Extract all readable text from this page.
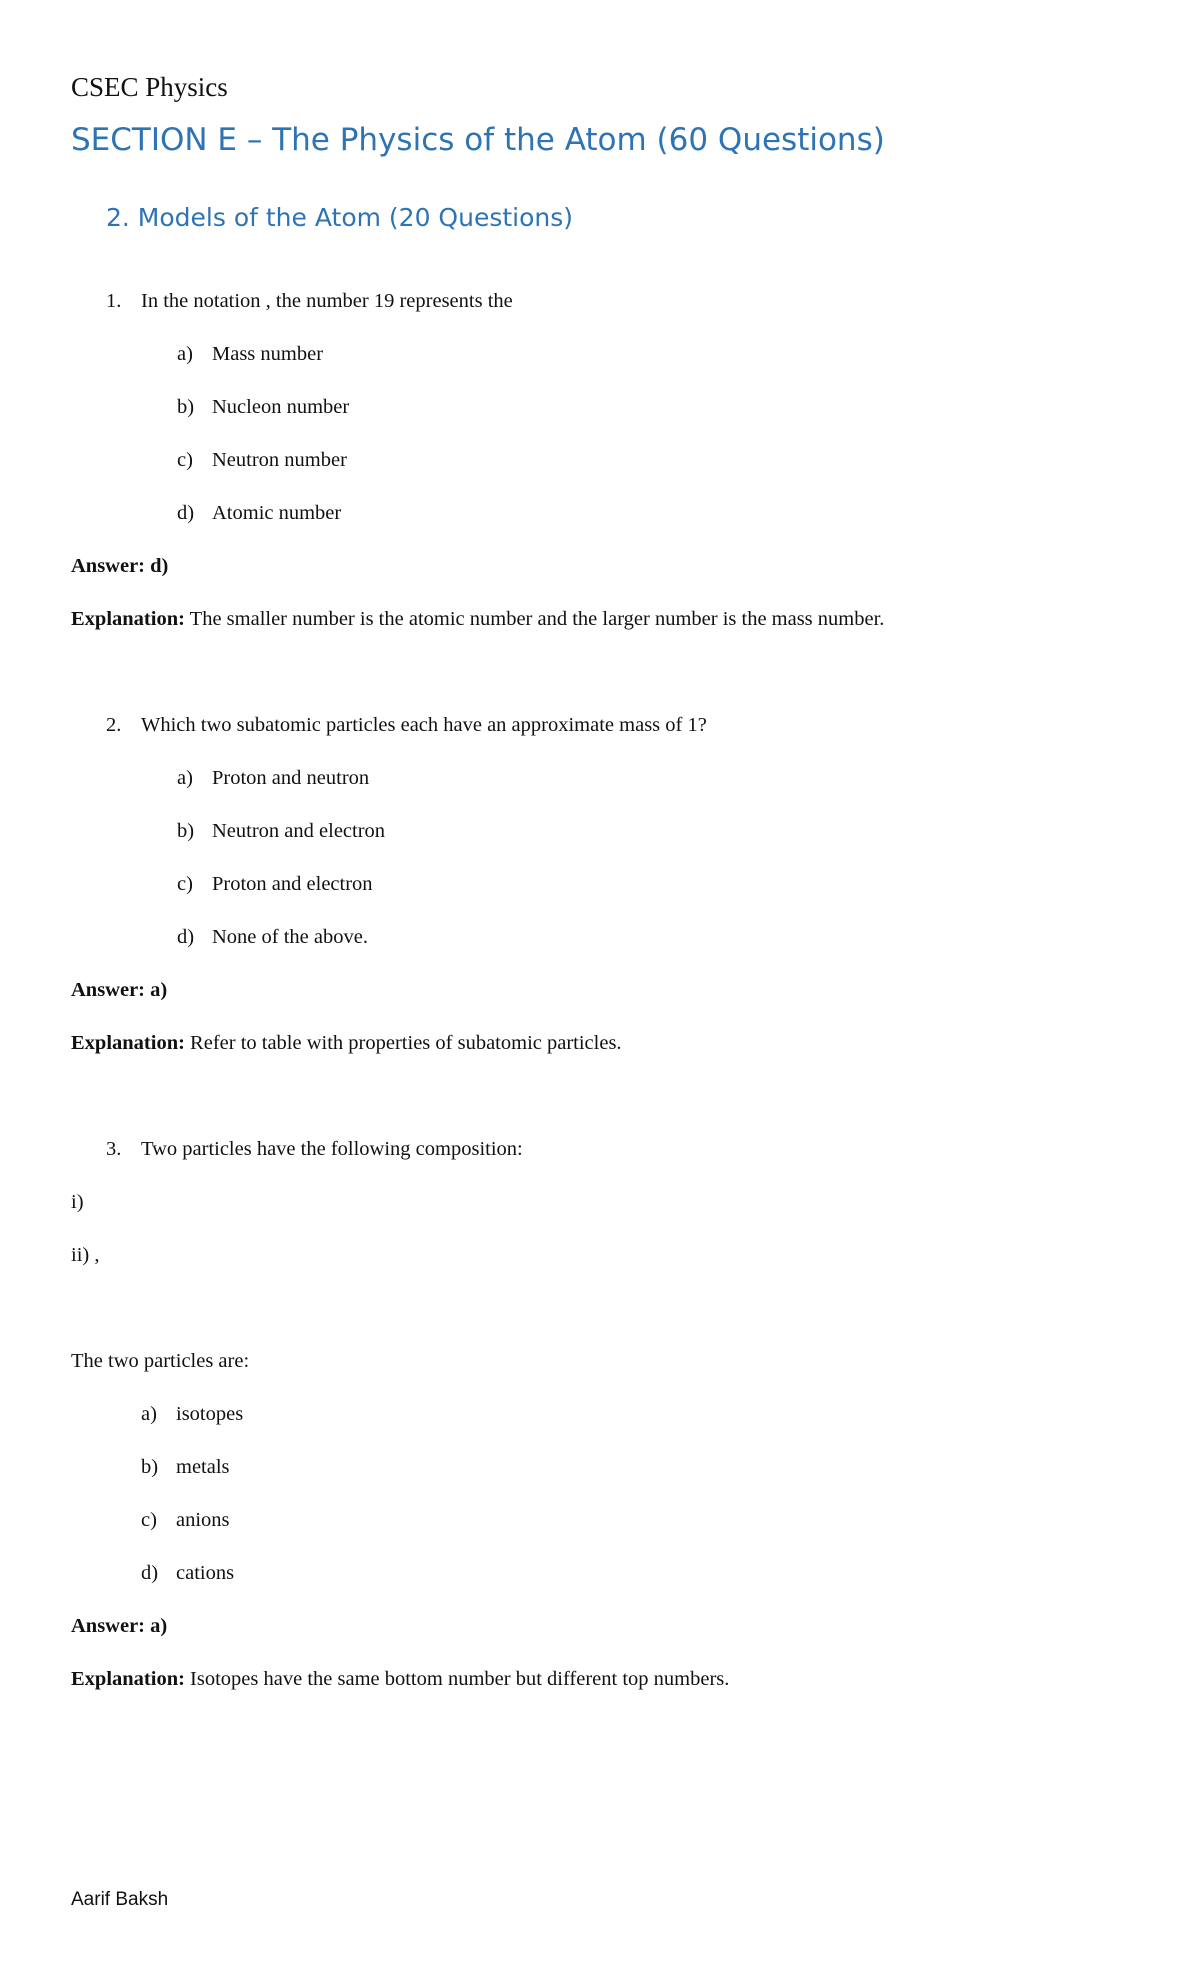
CSEC Physics
SECTION E – The Physics of the Atom (60 Questions)
2. Models of the Atom (20 Questions)
1. In the notation , the number 19 represents the
a) Mass number
b) Nucleon number
c) Neutron number
d) Atomic number
Answer: d)
Explanation: The smaller number is the atomic number and the larger number is the mass number.
2. Which two subatomic particles each have an approximate mass of 1?
a) Proton and neutron
b) Neutron and electron
c) Proton and electron
d) None of the above.
Answer: a)
Explanation: Refer to table with properties of subatomic particles.
3. Two particles have the following composition:
i)
ii) ,
The two particles are:
a) isotopes
b) metals
c) anions
d) cations
Answer: a)
Explanation: Isotopes have the same bottom number but different top numbers.
Aarif Baksh
